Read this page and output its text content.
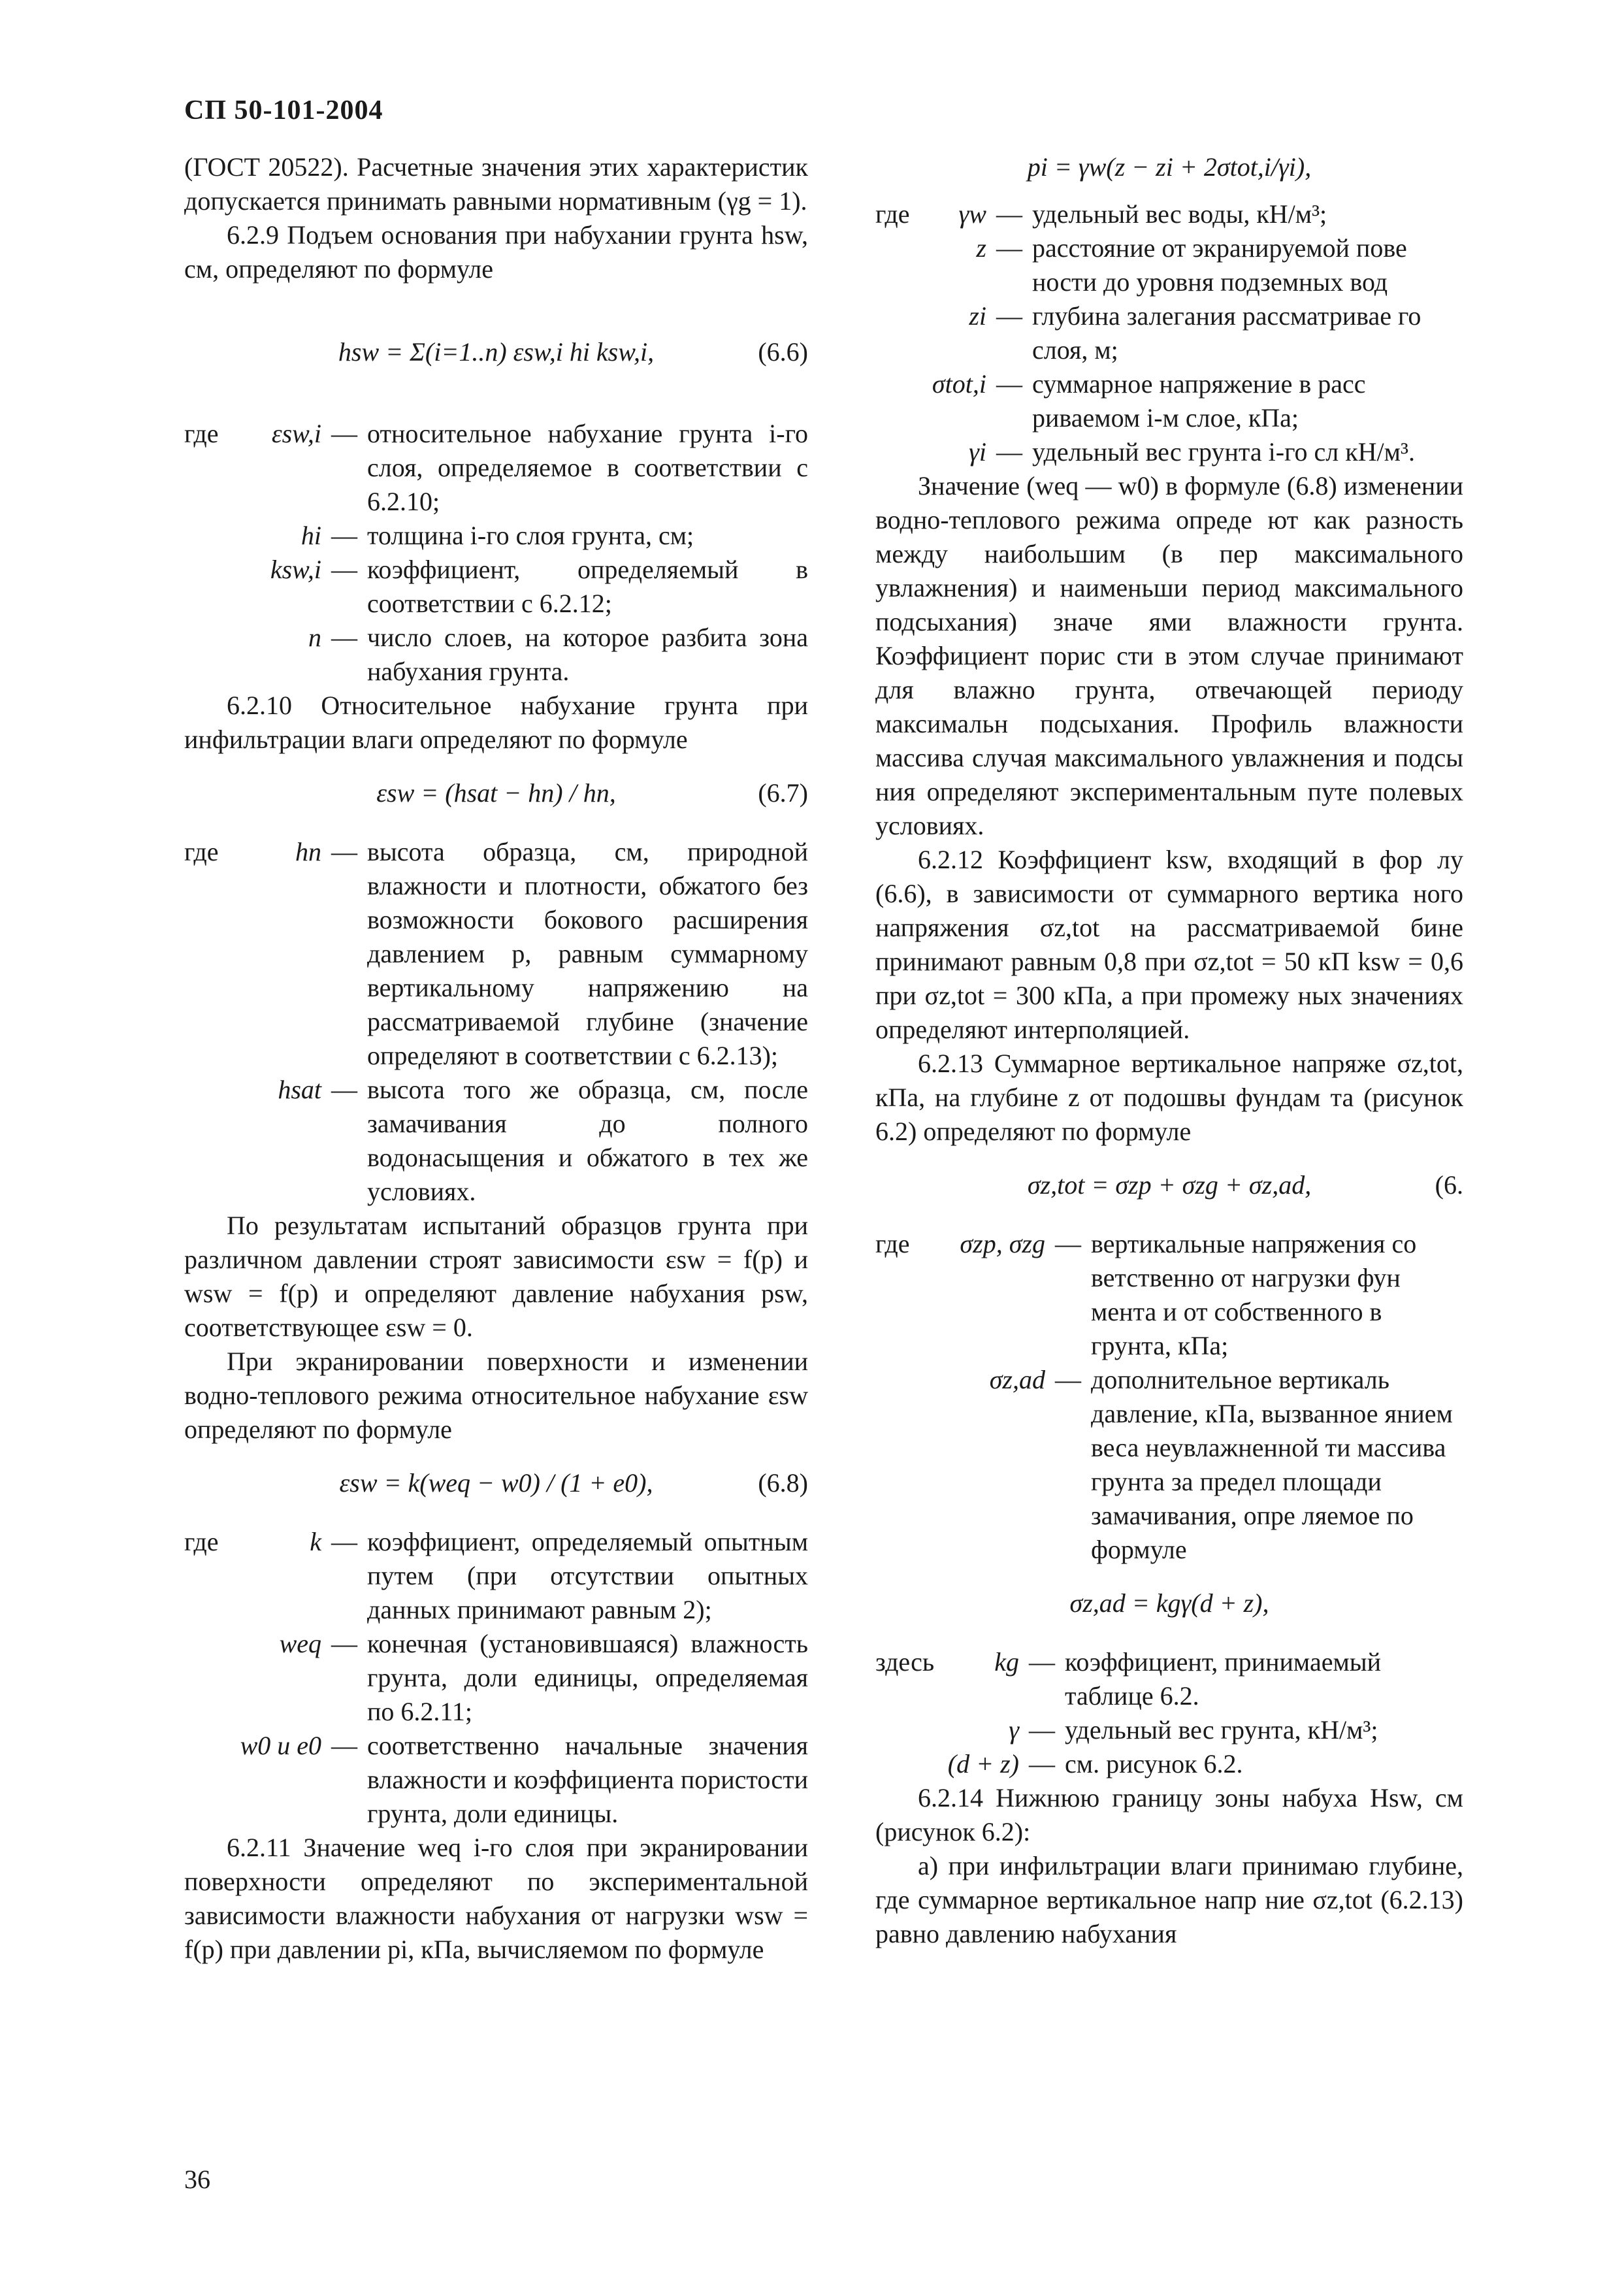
СП 50-101-2004

(ГОСТ 20522). Расчетные значения этих характеристик допускается принимать равными нормативным (γg = 1).

6.2.9 Подъем основания при набухании грунта hsw, см, определяют по формуле

hsw = Σ(i=1..n) εsw,i hi ksw,i,	(6.6)
где εsw,i — относительное набухание грунта i-го слоя, определяемое в соответствии с 6.2.10;
hi — толщина i-го слоя грунта, см;
ksw,i — коэффициент, определяемый в соответствии с 6.2.12;
n — число слоев, на которое разбита зона набухания грунта.

6.2.10 Относительное набухание грунта при инфильтрации влаги определяют по формуле

εsw = (hsat − hn) / hn,	(6.7)
где	hn — высота образца, см, природной влажности и плотности, обжатого без возможности бокового расширения давлением p, равным суммарному вертикальному напряжению на рассматриваемой глубине (значение определяют в соответствии с 6.2.13);
hsat — высота того же образца, см, после замачивания до полного водонасыщения и обжатого в тех же условиях.

По результатам испытаний образцов грунта при различном давлении строят зависимости εsw = f(p) и wsw = f(p) и определяют давление набухания psw, соответствующее εsw = 0.

При экранировании поверхности и изменении водно-теплового режима относительное набухание εsw определяют по формуле

εsw = k(weq − w0) / (1 + e0),	(6.8)
где	k — коэффициент, определяемый опытным путем (при отсутствии опытных данных принимают равным 2);
weq — конечная (установившаяся) влажность грунта, доли единицы, определяемая по 6.2.11;
w0 и e0 — соответственно начальные значения влажности и коэффициента пористости грунта, доли единицы.

6.2.11 Значение weq i-го слоя при экранировании поверхности определяют по экспериментальной зависимости влажности набухания от нагрузки wsw = f(p) при давлении pi, кПа, вычисляемом по формуле

pi = γw(z − zi + 2σtot,i/γi),
где γw — удельный вес воды, кН/м³;
z — расстояние от экранируемой пове ности до уровня подземных вод
zi — глубина залегания рассматривае го слоя, м;
σtot,i — суммарное напряжение в расс риваемом i-м слое, кПа;
γi — удельный вес грунта i-го сл кН/м³.

Значение (weq — w0) в формуле (6.8) изменении водно-теплового режима опреде ют как разность между наибольшим (в пер максимального увлажнения) и наименьши период максимального подсыхания) значе ями влажности грунта. Коэффициент порис сти в этом случае принимают для влажно грунта, отвечающей периоду максимальн подсыхания. Профиль влажности массива случая максимального увлажнения и подсы ния определяют экспериментальным путе полевых условиях.

6.2.12 Коэффициент ksw, входящий в фор лу (6.6), в зависимости от суммарного вертика ного напряжения σz,tot на рассматриваемой бине принимают равным 0,8 при σz,tot = 50 кП ksw = 0,6 при σz,tot = 300 кПа, а при промежу ных значениях определяют интерполяцией.

6.2.13 Суммарное вертикальное напряже σz,tot, кПа, на глубине z от подошвы фундам та (рисунок 6.2) определяют по формуле

σz,tot = σzp + σzg + σz,ad,	(6.
где σzp, σzg — вертикальные напряжения со ветственно от нагрузки фун мента и от собственного в грунта, кПа;
σz,ad — дополнительное вертикаль давление, кПа, вызванное янием веса неувлажненной ти массива грунта за предел площади замачивания, опре ляемое по формуле
σz,ad = kgγ(d + z),
здесь kg — коэффициент, принимаемый таблице 6.2.
γ — удельный вес грунта, кН/м³;
(d + z) — см. рисунок 6.2.

6.2.14 Нижнюю границу зоны набуха Hsw, см (рисунок 6.2):

а) при инфильтрации влаги принимаю глубине, где суммарное вертикальное напр ние σz,tot (6.2.13) равно давлению набухания

36
